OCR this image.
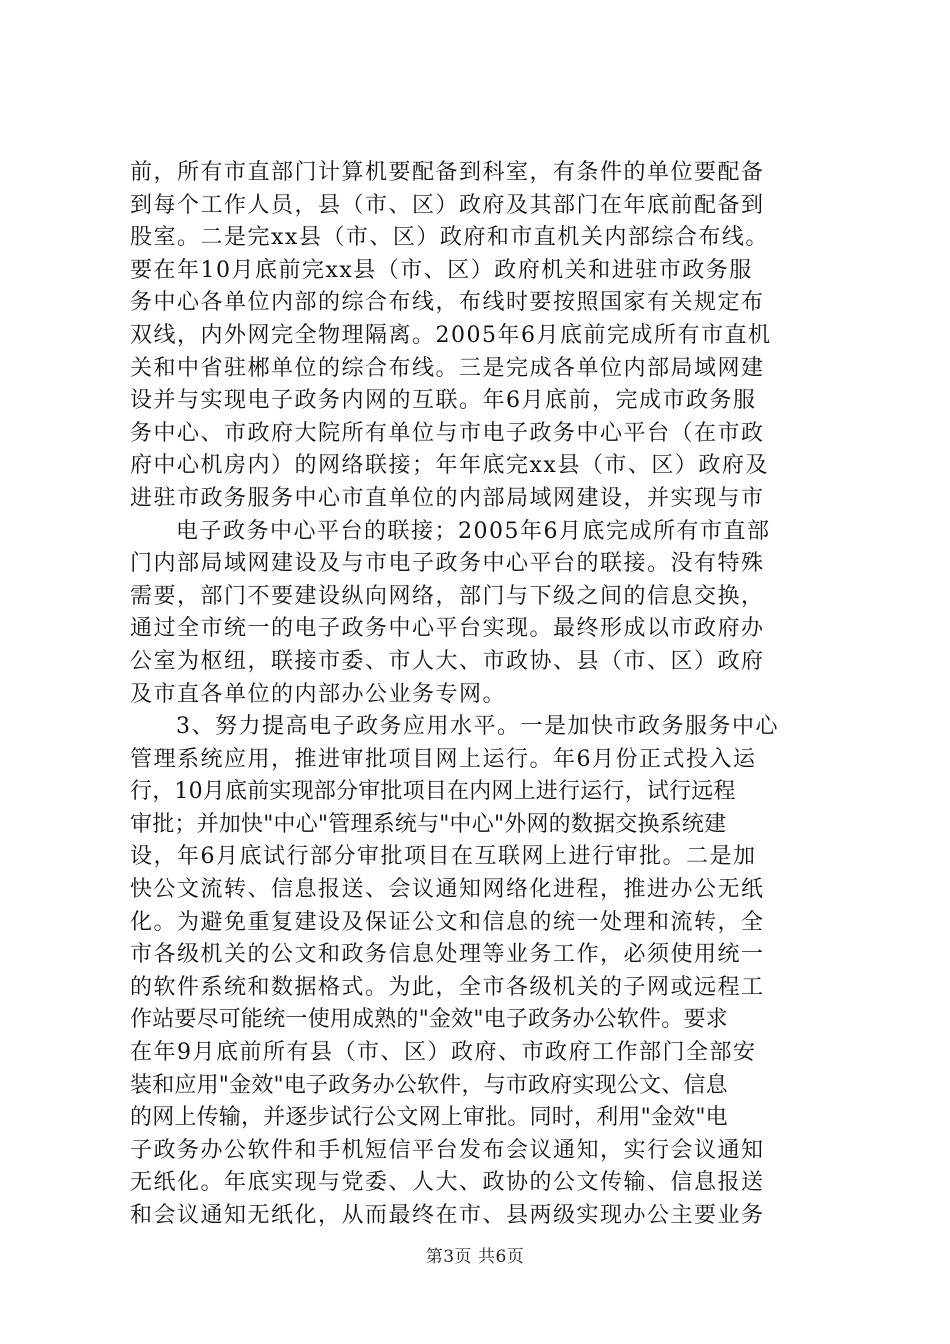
前，所有市直部门计算机要配备到科室，有条件的单位要配备
到每个工作人员，县（市、区）政府及其部门在年底前配备到
股室。二是完xx县（市、区）政府和市直机关内部综合布线。
要在年10月底前完xx县（市、区）政府机关和进驻市政务服
务中心各单位内部的综合布线，布线时要按照国家有关规定布
双线，内外网完全物理隔离。2005年6月底前完成所有市直机
关和中省驻郴单位的综合布线。三是完成各单位内部局域网建
设并与实现电子政务内网的互联。年6月底前，完成市政务服
务中心、市政府大院所有单位与市电子政务中心平台（在市政
府中心机房内）的网络联接；年年底完xx县（市、区）政府及
进驻市政务服务中心市直单位的内部局域网建设，并实现与市
电子政务中心平台的联接；2005年6月底完成所有市直部
门内部局域网建设及与市电子政务中心平台的联接。没有特殊
需要，部门不要建设纵向网络，部门与下级之间的信息交换，
通过全市统一的电子政务中心平台实现。最终形成以市政府办
公室为枢纽，联接市委、市人大、市政协、县（市、区）政府
及市直各单位的内部办公业务专网。
3、努力提高电子政务应用水平。一是加快市政务服务中心
管理系统应用，推进审批项目网上运行。年6月份正式投入运
行，10月底前实现部分审批项目在内网上进行运行，试行远程
审批；并加快"中心"管理系统与"中心"外网的数据交换系统建
设，年6月底试行部分审批项目在互联网上进行审批。二是加
快公文流转、信息报送、会议通知网络化进程，推进办公无纸
化。为避免重复建设及保证公文和信息的统一处理和流转，全
市各级机关的公文和政务信息处理等业务工作，必须使用统一
的软件系统和数据格式。为此，全市各级机关的子网或远程工
作站要尽可能统一使用成熟的"金效"电子政务办公软件。要求
在年9月底前所有县（市、区）政府、市政府工作部门全部安
装和应用"金效"电子政务办公软件，与市政府实现公文、信息
的网上传输，并逐步试行公文网上审批。同时，利用"金效"电
子政务办公软件和手机短信平台发布会议通知，实行会议通知
无纸化。年底实现与党委、人大、政协的公文传输、信息报送
和会议通知无纸化，从而最终在市、县两级实现办公主要业务
第3页 共6页
